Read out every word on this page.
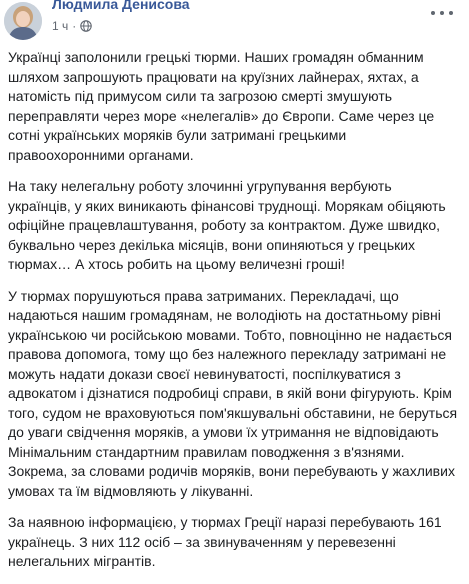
Людмила Денисова
1 ч ·

Українці заполонили грецькі тюрми. Наших громадян обманним шляхом запрошують працювати на круїзних лайнерах, яхтах, а натомість під примусом сили та загрозою смерті змушують переправляти через море «нелегалів» до Європи. Саме через це сотні українських моряків були затримані грецькими правоохоронними органами.

На таку нелегальну роботу злочинні угрупування вербують українців, у яких виникають фінансові труднощі. Морякам обіцяють офіційне працевлаштування, роботу за контрактом. Дуже швидко, буквально через декілька місяців, вони опиняються у грецьких тюрмах… А хтось робить на цьому величезні гроші!

У тюрмах порушуються права затриманих. Перекладачі, що надаються нашим громадянам, не володіють на достатньому рівні українською чи російською мовами. Тобто, повноцінно не надається правова допомога, тому що без належного перекладу затримані не можуть надати докази своєї невинуватості, поспілкуватися з адвокатом і дізнатися подробиці справи, в якій вони фігурують. Крім того, судом не враховуються пом'якшувальні обставини, не беруться до уваги свідчення моряків, а умови їх утримання не відповідають Мінімальним стандартним правилам поводження з в'язнями. Зокрема, за словами родичів моряків, вони перебувають у жахливих умовах та їм відмовляють у лікуванні.

За наявною інформацією, у тюрмах Греції наразі перебувають 161 українець. З них 112 осіб – за звинуваченням у перевезенні нелегальних мігрантів.
